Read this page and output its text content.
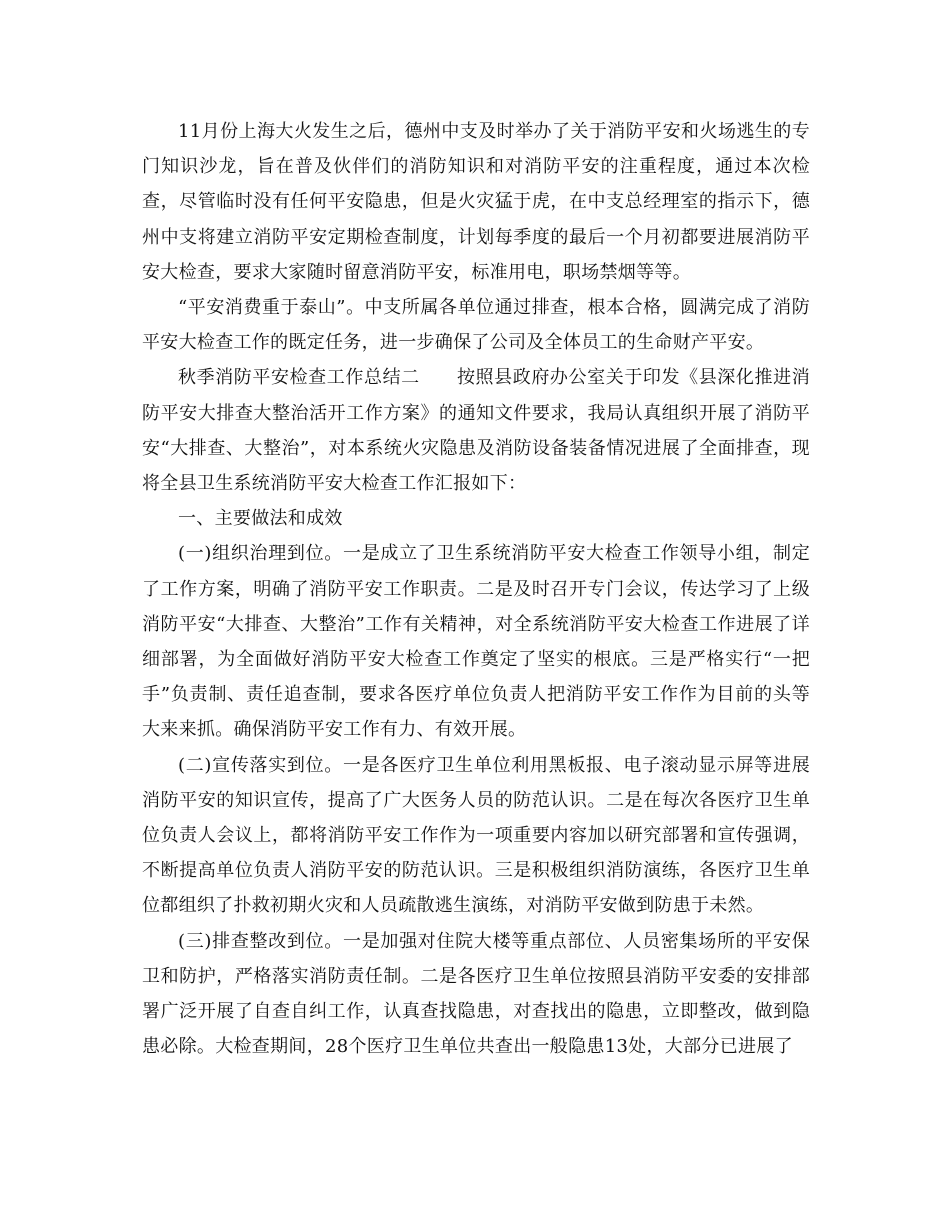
11月份上海大火发生之后，德州中支及时举办了关于消防平安和火场逃生的专门知识沙龙，旨在普及伙伴们的消防知识和对消防平安的注重程度，通过本次检查，尽管临时没有任何平安隐患，但是火灾猛于虎，在中支总经理室的指示下，德州中支将建立消防平安定期检查制度，计划每季度的最后一个月初都要进展消防平安大检查，要求大家随时留意消防平安，标准用电，职场禁烟等等。

“平安消费重于泰山”。中支所属各单位通过排查，根本合格，圆满完成了消防平安大检查工作的既定任务，进一步确保了公司及全体员工的生命财产平安。

秋季消防平安检查工作总结二　　按照县政府办公室关于印发《县深化推进消防平安大排查大整治活开工作方案》的通知文件要求，我局认真组织开展了消防平安“大排查、大整治”，对本系统火灾隐患及消防设备装备情况进展了全面排查，现将全县卫生系统消防平安大检查工作汇报如下：

一、主要做法和成效

(一)组织治理到位。一是成立了卫生系统消防平安大检查工作领导小组，制定了工作方案，明确了消防平安工作职责。二是及时召开专门会议，传达学习了上级消防平安“大排查、大整治”工作有关精神，对全系统消防平安大检查工作进展了详细部署，为全面做好消防平安大检查工作奠定了坚实的根底。三是严格实行“一把手”负责制、责任追查制，要求各医疗单位负责人把消防平安工作作为目前的头等大来来抓。确保消防平安工作有力、有效开展。

(二)宣传落实到位。一是各医疗卫生单位利用黑板报、电子滚动显示屏等进展消防平安的知识宣传，提高了广大医务人员的防范认识。二是在每次各医疗卫生单位负责人会议上，都将消防平安工作作为一项重要内容加以研究部署和宣传强调，不断提高单位负责人消防平安的防范认识。三是积极组织消防演练，各医疗卫生单位都组织了扑救初期火灾和人员疏散逃生演练，对消防平安做到防患于未然。

(三)排查整改到位。一是加强对住院大楼等重点部位、人员密集场所的平安保卫和防护，严格落实消防责任制。二是各医疗卫生单位按照县消防平安委的安排部署广泛开展了自查自纠工作，认真查找隐患，对查找出的隐患，立即整改，做到隐患必除。大检查期间，28个医疗卫生单位共查出一般隐患13处，大部分已进展了
